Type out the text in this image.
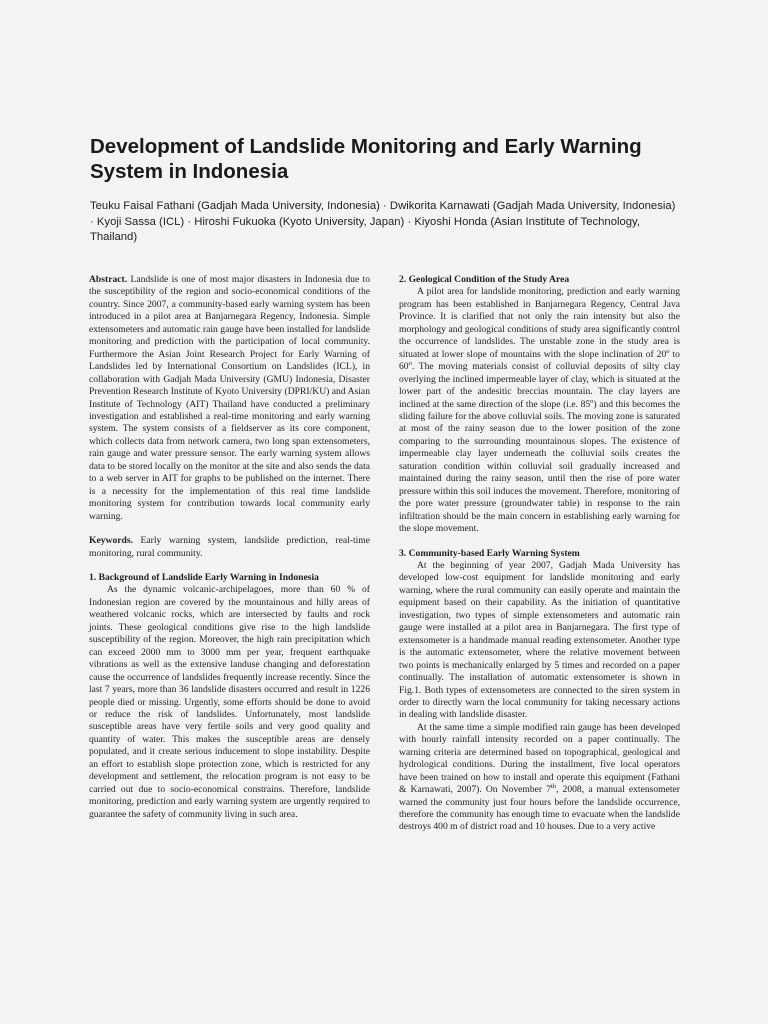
Development of Landslide Monitoring and Early Warning System in Indonesia
Teuku Faisal Fathani (Gadjah Mada University, Indonesia) · Dwikorita Karnawati (Gadjah Mada University, Indonesia) · Kyoji Sassa (ICL) · Hiroshi Fukuoka (Kyoto University, Japan) · Kiyoshi Honda (Asian Institute of Technology, Thailand)

Abstract. Landslide is one of most major disasters in Indonesia due to the susceptibility of the region and socio-economical conditions of the country. Since 2007, a community-based early warning system has been introduced in a pilot area at Banjarnegara Regency, Indonesia. Simple extensometers and automatic rain gauge have been installed for landslide monitoring and prediction with the participation of local community. Furthermore the Asian Joint Research Project for Early Warning of Landslides led by International Consortium on Landslides (ICL), in collaboration with Gadjah Mada University (GMU) Indonesia, Disaster Prevention Research Institute of Kyoto University (DPRI/KU) and Asian Institute of Technology (AIT) Thailand have conducted a preliminary investigation and established a real-time monitoring and early warning system. The system consists of a fieldserver as its core component, which collects data from network camera, two long span extensometers, rain gauge and water pressure sensor. The early warning system allows data to be stored locally on the monitor at the site and also sends the data to a web server in AIT for graphs to be published on the internet. There is a necessity for the implementation of this real time landslide monitoring system for contribution towards local community early warning.

Keywords. Early warning system, landslide prediction, real-time monitoring, rural community.

1. Background of Landslide Early Warning in Indonesia

As the dynamic volcanic-archipelagoes, more than 60 % of Indonesian region are covered by the mountainous and hilly areas of weathered volcanic rocks, which are intersected by faults and rock joints. These geological conditions give rise to the high landslide susceptibility of the region. Moreover, the high rain precipitation which can exceed 2000 mm to 3000 mm per year, frequent earthquake vibrations as well as the extensive landuse changing and deforestation cause the occurrence of landslides frequently increase recently. Since the last 7 years, more than 36 landslide disasters occurred and result in 1226 people died or missing. Urgently, some efforts should be done to avoid or reduce the risk of landslides. Unfortunately, most landslide susceptible areas have very fertile soils and very good quality and quantity of water. This makes the susceptible areas are densely populated, and it create serious inducement to slope instability. Despite an effort to establish slope protection zone, which is restricted for any development and settlement, the relocation program is not easy to be carried out due to socio-economical constrains. Therefore, landslide monitoring, prediction and early warning system are urgently required to guarantee the safety of community living in such area.

2. Geological Condition of the Study Area

A pilot area for landslide monitoring, prediction and early warning program has been established in Banjarnegara Regency, Central Java Province. It is clarified that not only the rain intensity but also the morphology and geological conditions of study area significantly control the occurrence of landslides. The unstable zone in the study area is situated at lower slope of mountains with the slope inclination of 20$^o$ to 60$^o$. The moving materials consist of colluvial deposits of silty clay overlying the inclined impermeable layer of clay, which is situated at the lower part of the andesitic breccias mountain. The clay layers are inclined at the same direction of the slope (i.e. 85$^o$) and this becomes the sliding failure for the above colluvial soils. The moving zone is saturated at most of the rainy season due to the lower position of the zone comparing to the surrounding mountainous slopes. The existence of impermeable clay layer underneath the colluvial soils creates the saturation condition within colluvial soil gradually increased and maintained during the rainy season, until then the rise of pore water pressure within this soil induces the movement. Therefore, monitoring of the pore water pressure (groundwater table) in response to the rain infiltration should be the main concern in establishing early warning for the slope movement.

3. Community-based Early Warning System

At the beginning of year 2007, Gadjah Mada University has developed low-cost equipment for landslide monitoring and early warning, where the rural community can easily operate and maintain the equipment based on their capability. As the initiation of quantitative investigation, two types of simple extensometers and automatic rain gauge were installed at a pilot area in Banjarnegara. The first type of extensometer is a handmade manual reading extensometer. Another type is the automatic extensometer, where the relative movement between two points is mechanically enlarged by 5 times and recorded on a paper continually. The installation of automatic extensometer is shown in Fig.1. Both types of extensometers are connected to the siren system in order to directly warn the local community for taking necessary actions in dealing with landslide disaster.

At the same time a simple modified rain gauge has been developed with hourly rainfall intensity recorded on a paper continually. The warning criteria are determined based on topographical, geological and hydrological conditions. During the installment, five local operators have been trained on how to install and operate this equipment (Fathani & Karnawati, 2007). On November 7th, 2008, a manual extensometer warned the community just four hours before the landslide occurrence, therefore the community has enough time to evacuate when the landslide destroys 400 m of district road and 10 houses. Due to a very active
